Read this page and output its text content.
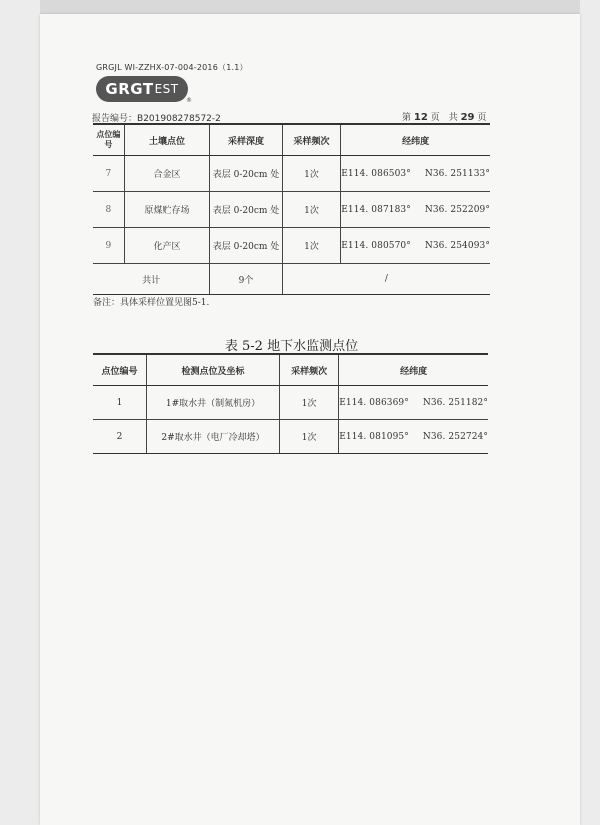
GRGJL WI-ZZHX-07-004-2016（1.1）
GRGT EST
®
报告编号：B201908278572-2	第 12 页　共 29 页
点位编号	土壤点位	采样深度	采样频次	经纬度
7	合金区	表层 0-20cm 处	1次	E114. 086503° N36. 251133°
8	原煤贮存场	表层 0-20cm 处	1次	E114. 087183° N36. 252209°
9	化产区	表层 0-20cm 处	1次	E114. 080570° N36. 254093°
共计		9个	/	
备注：具体采样位置见图5-1.
表 5-2 地下水监测点位
点位编号	检测点位及坐标	采样频次	经纬度
1	1#取水井（制氮机房）	1次	E114. 086369° N36. 251182°
2	2#取水井（电厂冷却塔）	1次	E114. 081095° N36. 252724°
